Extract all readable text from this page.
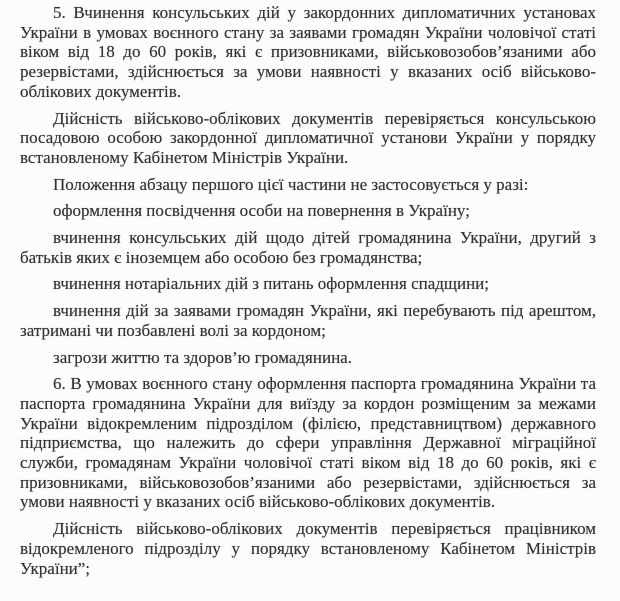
5. Вчинення консульських дій у закордонних дипломатичних установах України в умовах воєнного стану за заявами громадян України чоловічої статі віком від 18 до 60 років, які є призовниками, військовозобов’язаними або резервістами, здійснюється за умови наявності у вказаних осіб військово-облікових документів.

Дійсність військово-облікових документів перевіряється консульською посадовою особою закордонної дипломатичної установи України у порядку встановленому Кабінетом Міністрів України.

Положення абзацу першого цієї частини не застосовується у разі:

оформлення посвідчення особи на повернення в Україну;

вчинення консульських дій щодо дітей громадянина України, другий з батьків яких є іноземцем або особою без громадянства;

вчинення нотаріальних дій з питань оформлення спадщини;

вчинення дій за заявами громадян України, які перебувають під арештом, затримані чи позбавлені волі за кордоном;

загрози життю та здоров’ю громадянина.

6. В умовах воєнного стану оформлення паспорта громадянина України та паспорта громадянина України для виїзду за кордон розміщеним за межами України відокремленим підрозділом (філією, представництвом) державного підприємства, що належить до сфери управління Державної міграційної служби, громадянам України чоловічої статі віком від 18 до 60 років, які є призовниками, військовозобов’язаними або резервістами, здійснюється за умови наявності у вказаних осіб військово-облікових документів.

Дійсність військово-облікових документів перевіряється працівником відокремленого підрозділу у порядку встановленому Кабінетом Міністрів України”;
